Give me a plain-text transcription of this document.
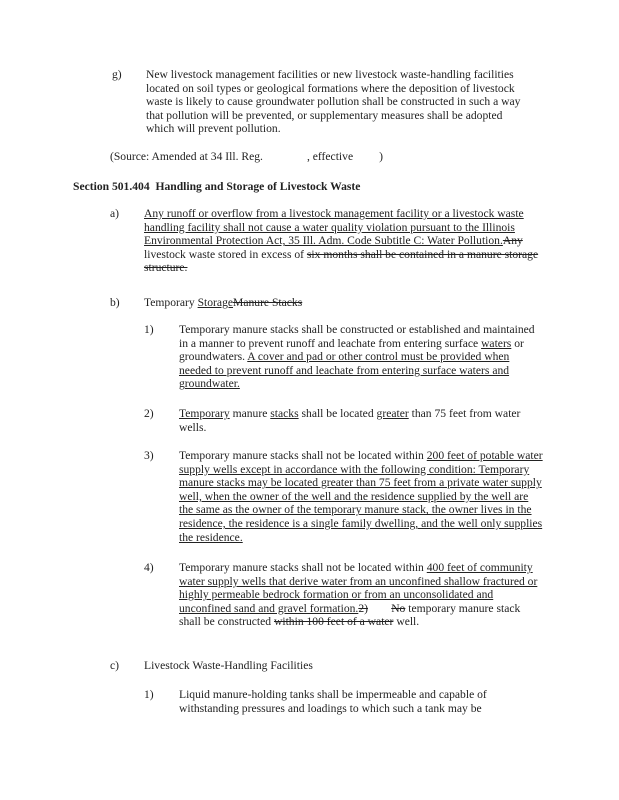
g) New livestock management facilities or new livestock waste-handling facilities located on soil types or geological formations where the deposition of livestock waste is likely to cause groundwater pollution shall be constructed in such a way that pollution will be prevented, or supplementary measures shall be adopted which will prevent pollution.

(Source: Amended at 34 Ill. Reg.	, effective )

Section 501.404 Handling and Storage of Livestock Waste

a) Any runoff or overflow from a livestock management facility or a livestock waste handling facility shall not cause a water quality violation pursuant to the Illinois Environmental Protection Act, 35 Ill. Adm. Code Subtitle C: Water Pollution.Any livestock waste stored in excess of six months shall be contained in a manure storage structure.

b) Temporary StorageManure Stacks

1) Temporary manure stacks shall be constructed or established and maintained in a manner to prevent runoff and leachate from entering surface waters or groundwaters. A cover and pad or other control must be provided when needed to prevent runoff and leachate from entering surface waters and groundwater.

2) Temporary manure stacks shall be located greater than 75 feet from water wells.

3) Temporary manure stacks shall not be located within 200 feet of potable water supply wells except in accordance with the following condition: Temporary manure stacks may be located greater than 75 feet from a private water supply well, when the owner of the well and the residence supplied by the well are the same as the owner of the temporary manure stack, the owner lives in the residence, the residence is a single family dwelling, and the well only supplies the residence.

4) Temporary manure stacks shall not be located within 400 feet of community water supply wells that derive water from an unconfined shallow fractured or highly permeable bedrock formation or from an unconsolidated and unconfined sand and gravel formation.2) No temporary manure stack shall be constructed within 100 feet of a water well.

c) Livestock Waste-Handling Facilities

1) Liquid manure-holding tanks shall be impermeable and capable of withstanding pressures and loadings to which such a tank may be
